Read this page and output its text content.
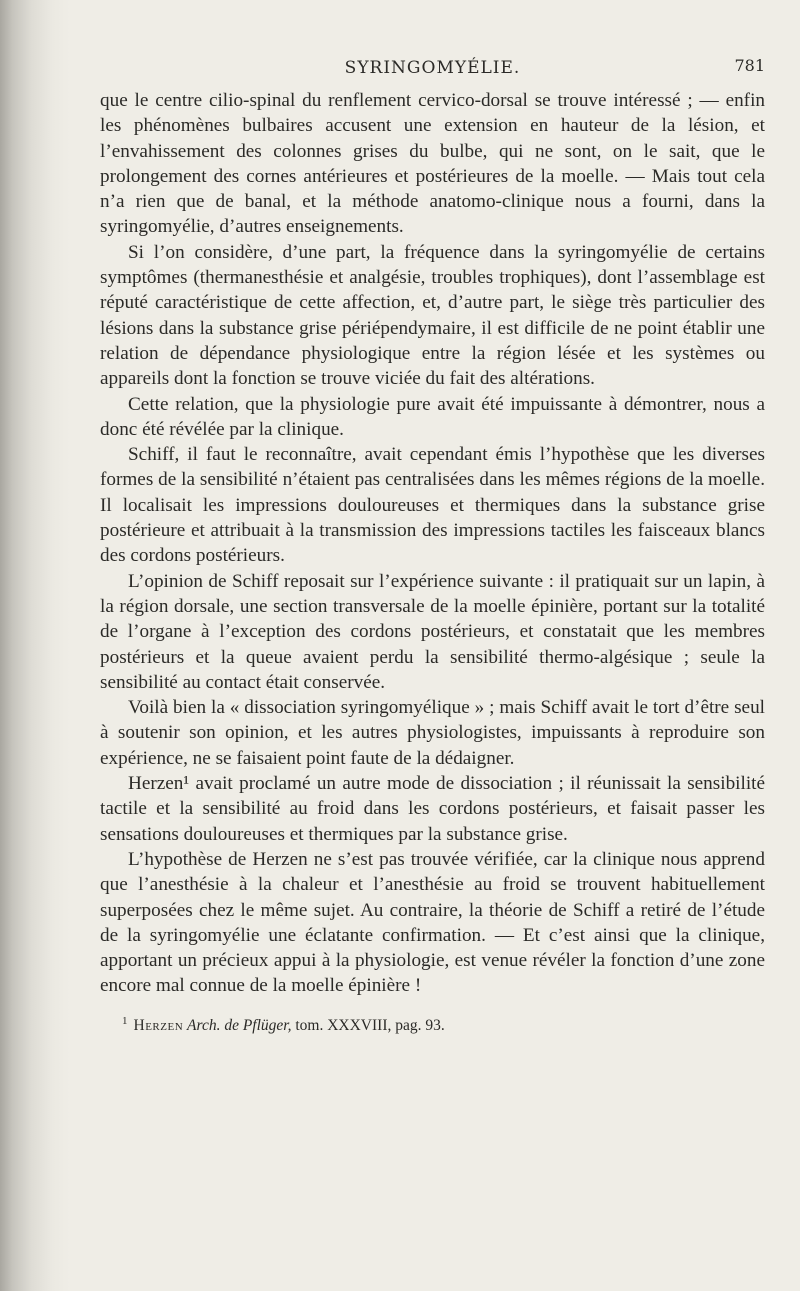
SYRINGOMYÉLIE.	781

que le centre cilio-spinal du renflement cervico-dorsal se trouve intéressé ; — enfin les phénomènes bulbaires accusent une extension en hauteur de la lésion, et l’envahissement des colonnes grises du bulbe, qui ne sont, on le sait, que le prolongement des cornes antérieures et postérieures de la moelle. — Mais tout cela n’a rien que de banal, et la méthode anatomo-clinique nous a fourni, dans la syringomyélie, d’autres enseignements.

Si l’on considère, d’une part, la fréquence dans la syringomyélie de certains symptômes (thermanesthésie et analgésie, troubles trophiques), dont l’assemblage est réputé caractéristique de cette affection, et, d’autre part, le siège très particulier des lésions dans la substance grise périépendymaire, il est difficile de ne point établir une relation de dépendance physiologique entre la région lésée et les systèmes ou appareils dont la fonction se trouve viciée du fait des altérations.

Cette relation, que la physiologie pure avait été impuissante à démontrer, nous a donc été révélée par la clinique.

Schiff, il faut le reconnaître, avait cependant émis l’hypothèse que les diverses formes de la sensibilité n’étaient pas centralisées dans les mêmes régions de la moelle. Il localisait les impressions douloureuses et thermiques dans la substance grise postérieure et attribuait à la transmission des impressions tactiles les faisceaux blancs des cordons postérieurs.

L’opinion de Schiff reposait sur l’expérience suivante : il pratiquait sur un lapin, à la région dorsale, une section transversale de la moelle épinière, portant sur la totalité de l’organe à l’exception des cordons postérieurs, et constatait que les membres postérieurs et la queue avaient perdu la sensibilité thermo-algésique ; seule la sensibilité au contact était conservée.

Voilà bien la « dissociation syringomyélique » ; mais Schiff avait le tort d’être seul à soutenir son opinion, et les autres physiologistes, impuissants à reproduire son expérience, ne se faisaient point faute de la dédaigner.

Herzen¹ avait proclamé un autre mode de dissociation ; il réunissait la sensibilité tactile et la sensibilité au froid dans les cordons postérieurs, et faisait passer les sensations douloureuses et thermiques par la substance grise.

L’hypothèse de Herzen ne s’est pas trouvée vérifiée, car la clinique nous apprend que l’anesthésie à la chaleur et l’anesthésie au froid se trouvent habituellement superposées chez le même sujet. Au contraire, la théorie de Schiff a retiré de l’étude de la syringomyélie une éclatante confirmation. — Et c’est ainsi que la clinique, apportant un précieux appui à la physiologie, est venue révéler la fonction d’une zone encore mal connue de la moelle épinière !

$^1$ Herzen Arch. de Pflüger, tom. XXXVIII, pag. 93.
